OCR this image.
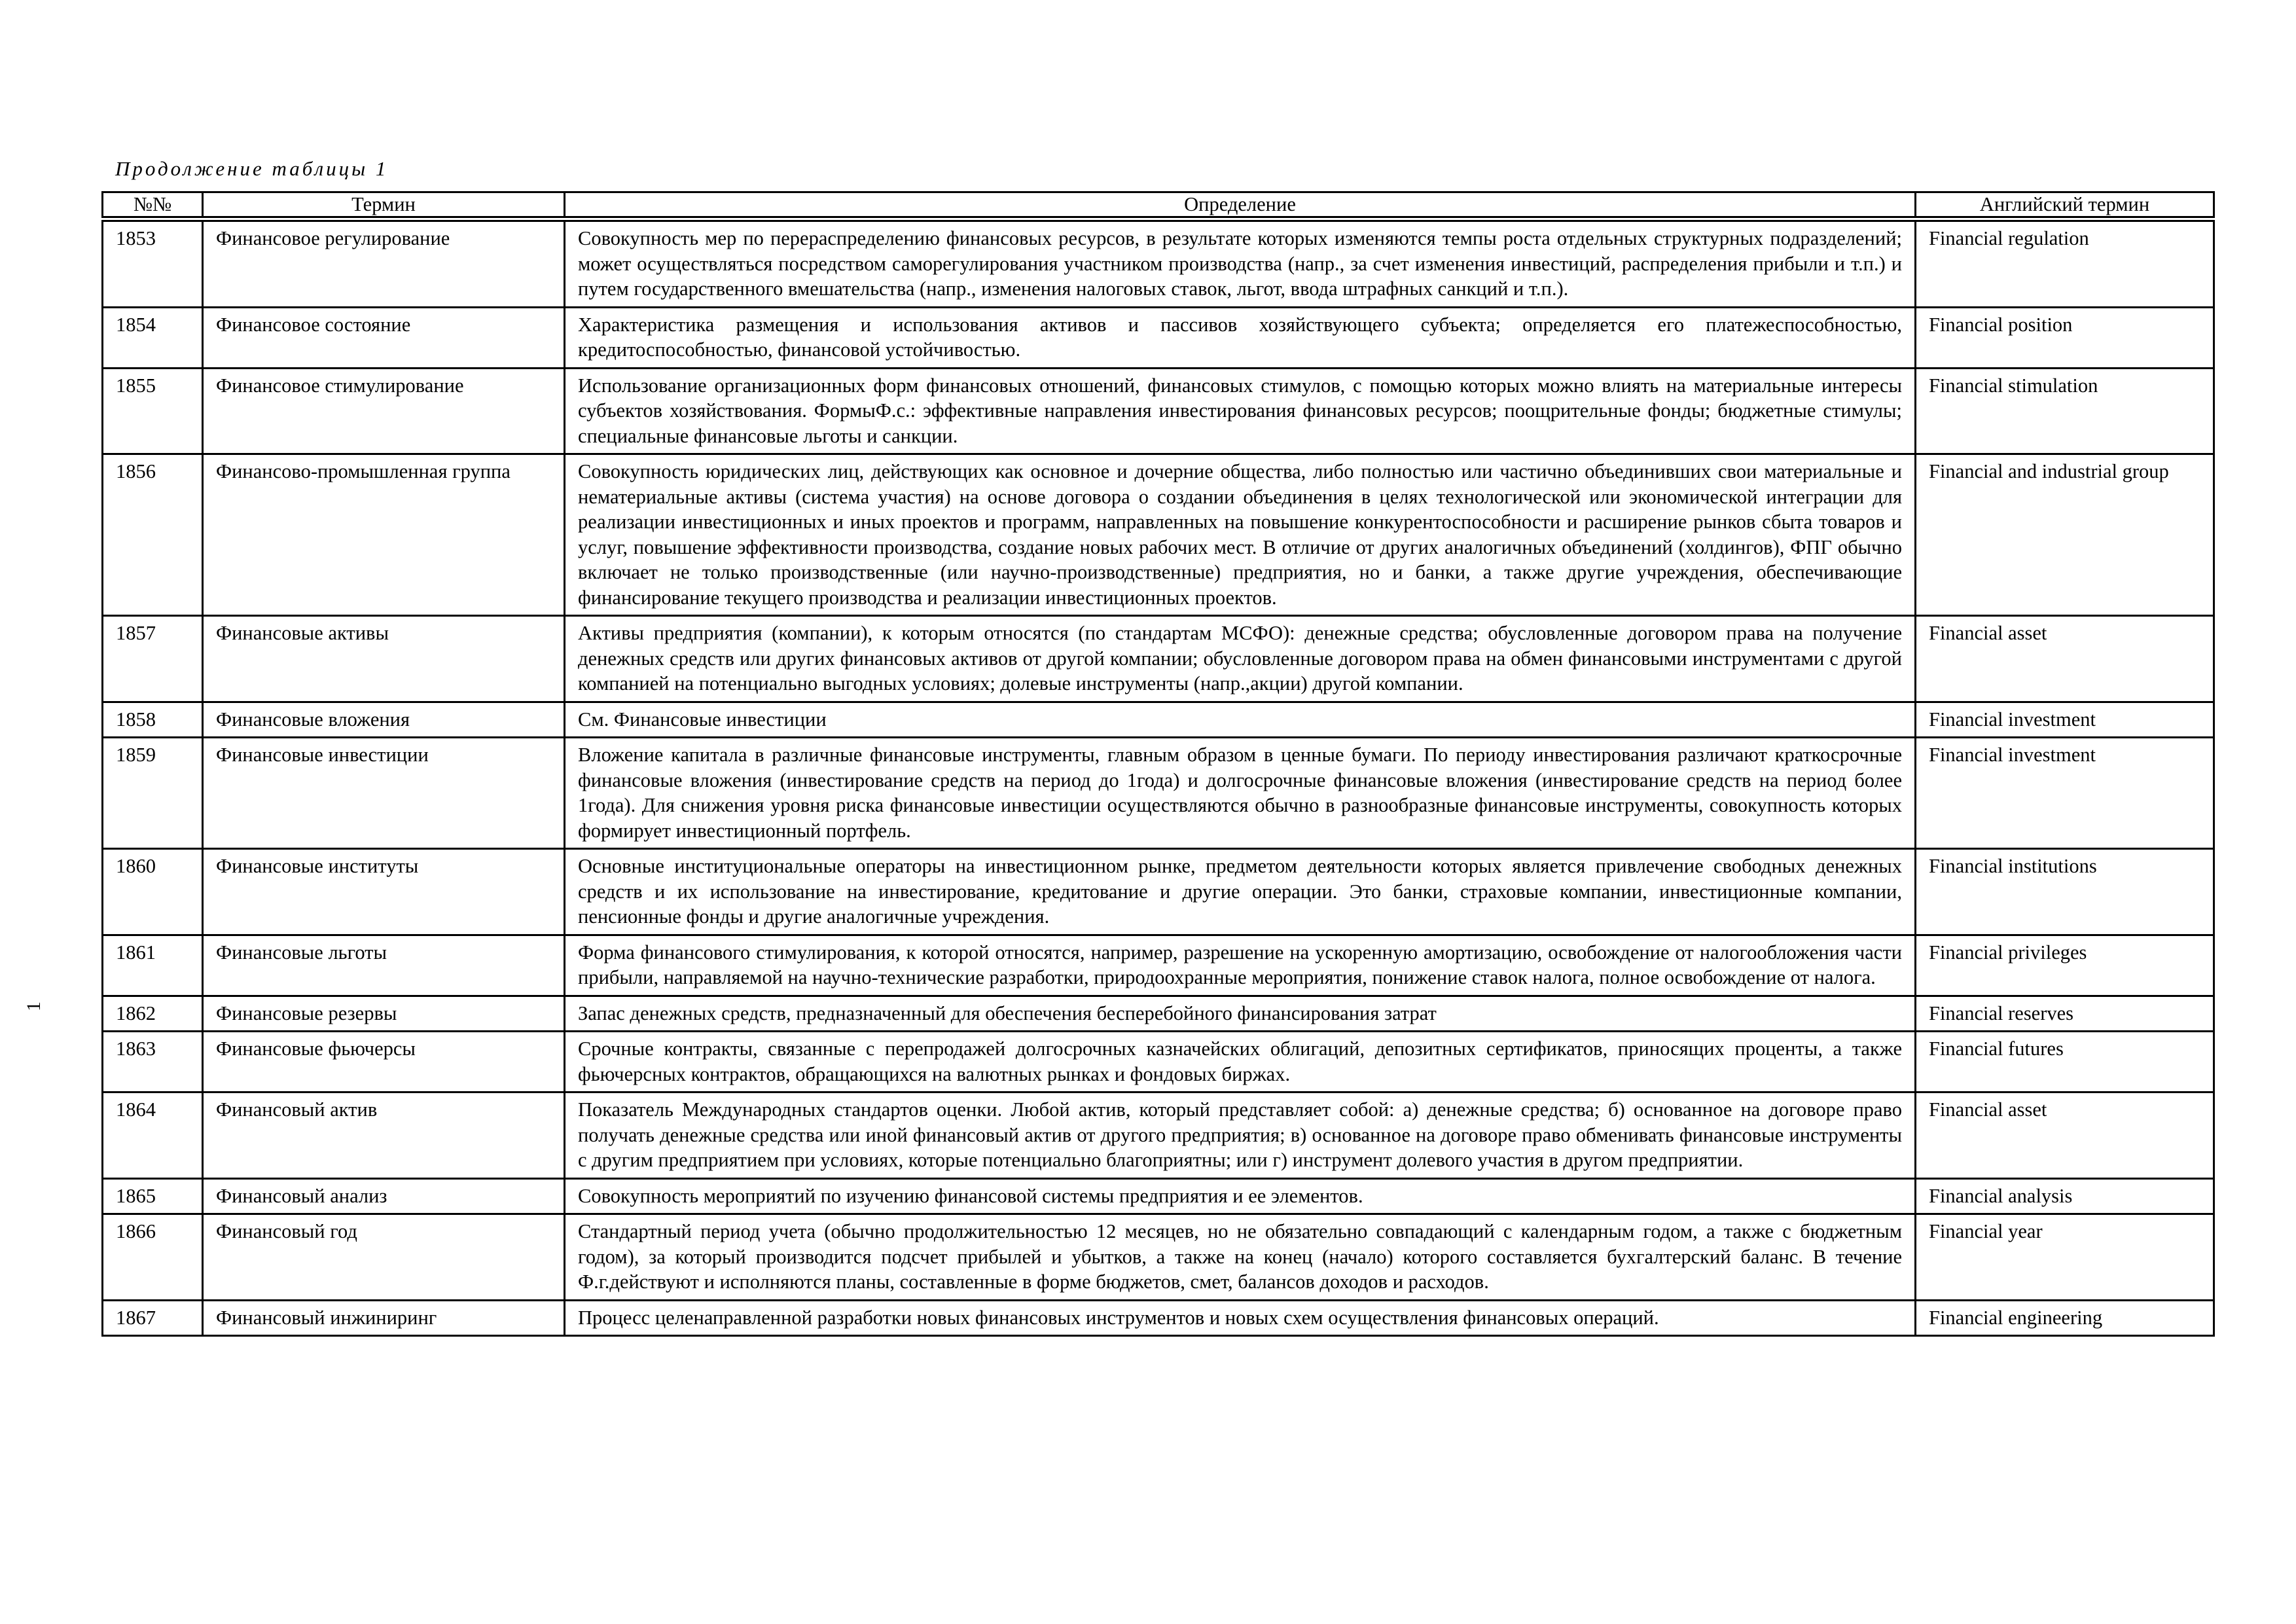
Продолжение таблицы 1
1
№№	Термин	Определение	Английский термин
1853	Финансовое регулирование	Совокупность мер по перераспределению финансовых ресурсов, в результате которых изменяются темпы роста отдельных структурных подразделений; может осуществляться посредством саморегулирования участником производства (напр., за счет изменения инвестиций, распределения прибыли и т.п.) и путем государственного вмешательства (напр., изменения налоговых ставок, льгот, ввода штрафных санкций и т.п.).	Financial regulation
1854	Финансовое состояние	Характеристика размещения и использования активов и пассивов хозяйствующего субъекта; определяется его платежеспособностью, кредитоспособностью, финансовой устойчивостью.	Financial position
1855	Финансовое стимулирование	Использование организационных форм финансовых отношений, финансовых стимулов, с помощью которых можно влиять на материальные интересы субъектов хозяйствования. ФормыФ.с.: эффективные направления инвестирования финансовых ресурсов; поощрительные фонды; бюджетные стимулы; специальные финансовые льготы и санкции.	Financial stimulation
1856	Финансово-промышленная группа	Совокупность юридических лиц, действующих как основное и дочерние общества, либо полностью или частично объединивших свои материальные и нематериальные активы (система участия) на основе договора о создании объединения в целях технологической или экономической интеграции для реализации инвестиционных и иных проектов и программ, направленных на повышение конкурентоспособности и расширение рынков сбыта товаров и услуг, повышение эффективности производства, создание новых рабочих мест. В отличие от других аналогичных объединений (холдингов), ФПГ обычно включает не только производственные (или научно-производственные) предприятия, но и банки, а также другие учреждения, обеспечивающие финансирование текущего производства и реализации инвестиционных проектов.	Financial and industrial group
1857	Финансовые активы	Активы предприятия (компании), к которым относятся (по стандартам МСФО): денежные средства; обусловленные договором права на получение денежных средств или других финансовых активов от другой компании; обусловленные договором права на обмен финансовыми инструментами с другой компанией на потенциально выгодных условиях; долевые инструменты (напр.,акции) другой компании.	Financial asset
1858	Финансовые вложения	См. Финансовые инвестиции	Financial investment
1859	Финансовые инвестиции	Вложение капитала в различные финансовые инструменты, главным образом в ценные бумаги. По периоду инвестирования различают краткосрочные финансовые вложения (инвестирование средств на период до 1года) и долгосрочные финансовые вложения (инвестирование средств на период более 1года). Для снижения уровня риска финансовые инвестиции осуществляются обычно в разнообразные финансовые инструменты, совокупность которых формирует инвестиционный портфель.	Financial investment
1860	Финансовые институты	Основные институциональные операторы на инвестиционном рынке, предметом деятельности которых является привлечение свободных денежных средств и их использование на инвестирование, кредитование и другие операции. Это банки, страховые компании, инвестиционные компании, пенсионные фонды и другие аналогичные учреждения.	Financial institutions
1861	Финансовые льготы	Форма финансового стимулирования, к которой относятся, например, разрешение на ускоренную амортизацию, освобождение от налогообложения части прибыли, направляемой на научно-технические разработки, природоохранные мероприятия, понижение ставок налога, полное освобождение от налога.	Financial privileges
1862	Финансовые резервы	Запас денежных средств, предназначенный для обеспечения бесперебойного финансирования затрат	Financial reserves
1863	Финансовые фьючерсы	Срочные контракты, связанные с перепродажей долгосрочных казначейских облигаций, депозитных сертификатов, приносящих проценты, а также фьючерсных контрактов, обращающихся на валютных рынках и фондовых биржах.	Financial futures
1864	Финансовый актив	Показатель Международных стандартов оценки. Любой актив, который представляет собой: а) денежные средства; б) основанное на договоре право получать денежные средства или иной финансовый актив от другого предприятия; в) основанное на договоре право обменивать финансовые инструменты с другим предприятием при условиях, которые потенциально благоприятны; или г) инструмент долевого участия в другом предприятии.	Financial asset
1865	Финансовый анализ	Совокупность мероприятий по изучению финансовой системы предприятия и ее элементов.	Financial analysis
1866	Финансовый год	Стандартный период учета (обычно продолжительностью 12 месяцев, но не обязательно совпадающий с календарным годом, а также с бюджетным годом), за который производится подсчет прибылей и убытков, а также на конец (начало) которого составляется бухгалтерский баланс. В течение Ф.г.действуют и исполняются планы, составленные в форме бюджетов, смет, балансов доходов и расходов.	Financial year
1867	Финансовый инжиниринг	Процесс целенаправленной разработки новых финансовых инструментов и новых схем осуществления финансовых операций.	Financial engineering
